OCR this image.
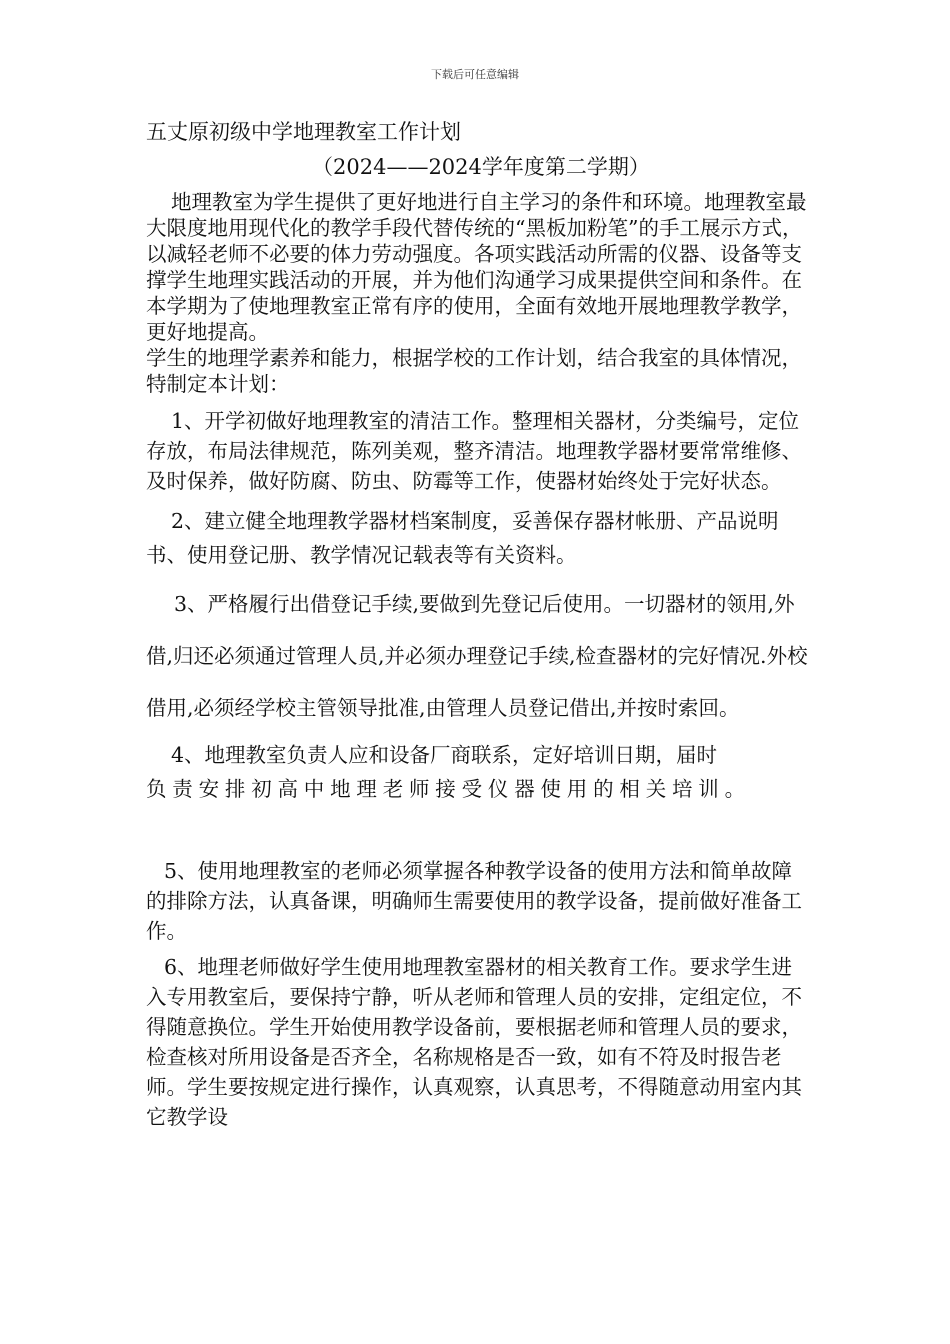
下载后可任意编辑
五丈原初级中学地理教室工作计划
（2024——2024学年度第二学期）

地理教室为学生提供了更好地进行自主学习的条件和环境。地理教室最大限度地用现代化的教学手段代替传统的“黑板加粉笔”的手工展示方式，以减轻老师不必要的体力劳动强度。各项实践活动所需的仪器、设备等支撑学生地理实践活动的开展，并为他们沟通学习成果提供空间和条件。在本学期为了使地理教室正常有序的使用，全面有效地开展地理教学教学，更好地提高。

学生的地理学素养和能力，根据学校的工作计划，结合我室的具体情况，特制定本计划：

1、开学初做好地理教室的清洁工作。整理相关器材，分类编号，定位存放，布局法律规范，陈列美观，整齐清洁。地理教学器材要常常维修、及时保养，做好防腐、防虫、防霉等工作，使器材始终处于完好状态。

2、建立健全地理教学器材档案制度，妥善保存器材帐册、产品说明书、使用登记册、教学情况记载表等有关资料。

3、严格履行出借登记手续,要做到先登记后使用。一切器材的领用,外借,归还必须通过管理人员,并必须办理登记手续,检查器材的完好情况.外校借用,必须经学校主管领导批准,由管理人员登记借出,并按时索回。

4、地理教室负责人应和设备厂商联系，定好培训日期，届时
负责安排初高中地理老师接受仪器使用的相关培训。

5、使用地理教室的老师必须掌握各种教学设备的使用方法和简单故障的排除方法，认真备课，明确师生需要使用的教学设备，提前做好准备工作。

6、地理老师做好学生使用地理教室器材的相关教育工作。要求学生进入专用教室后，要保持宁静，听从老师和管理人员的安排，定组定位，不得随意换位。学生开始使用教学设备前，要根据老师和管理人员的要求，检查核对所用设备是否齐全，名称规格是否一致，如有不符及时报告老师。学生要按规定进行操作，认真观察，认真思考，不得随意动用室内其它教学设
